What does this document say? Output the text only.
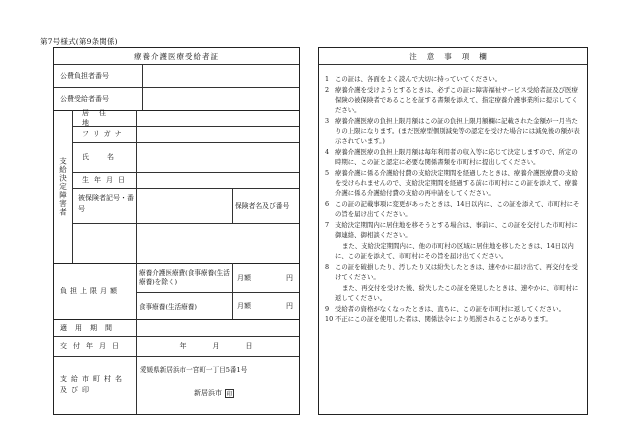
第7号様式(第9条関係)
療養介護医療受給者証
公費負担者番号
公費受給者番号
支給決定障害者
居住地
フリガナ
氏名
生年月日
被保険者記号・番号	保険者名及び番号
負担上限月額
療養介護医療費(食事療養(生活療養)を除く)	月額	円
食事療養(生活療養)	月額	円
適用期間
交付年月日	年　　月　　日
支給市町村名及び印
愛媛県新居浜市一宮町一丁目5番1号
新居浜市 印
注意事項欄
1 この証は、各面をよく読んで大切に持っていてください。
2 療養介護を受けようとするときは、必ずこの証に障害福祉サービス受給者証及び医療保険の被保険者であることを証する書類を添えて、指定療養介護事業所に提示してください。
3 療養介護医療の負担上限月額はこの証の負担上限月額欄に記載された金額が一月当たりの上限になります。(まだ医療型個別減免等の認定を受けた場合には減免後の額が表示されています。)
4 療養介護医療の負担上限月額は毎年利用者の収入等に応じて決定しますので、所定の時期に、この証と認定に必要な関係書類を市町村に提出してください。
5 療養介護に係る介護給付費の支給決定期間を経過したときは、療養介護医療費の支給を受けられませんので、支給決定期間を経過する前に市町村にこの証を添えて、療養介護に係る介護給付費の支給の再申請をしてください。
6 この証の記載事項に変更があったときは、14日以内に、この証を添えて、市町村にその旨を届け出てください。
7 支給決定期間内に居住地を移そうとする場合は、事前に、この証を交付した市町村に御連絡、御相談ください。
また、支給決定期間内に、他の市町村の区域に居住地を移したときは、14日以内に、この証を添えて、市町村にその旨を届け出てください。
8 この証を破損したり、汚したり又は紛失したときは、速やかに届け出て、再交付を受けてください。
また、再交付を受けた後、紛失したこの証を発見したときは、速やかに、市町村に返してください。
9 受給者の資格がなくなったときは、直ちに、この証を市町村に返してください。
10 不正にこの証を使用した者は、関係法令により処罰されることがあります。
